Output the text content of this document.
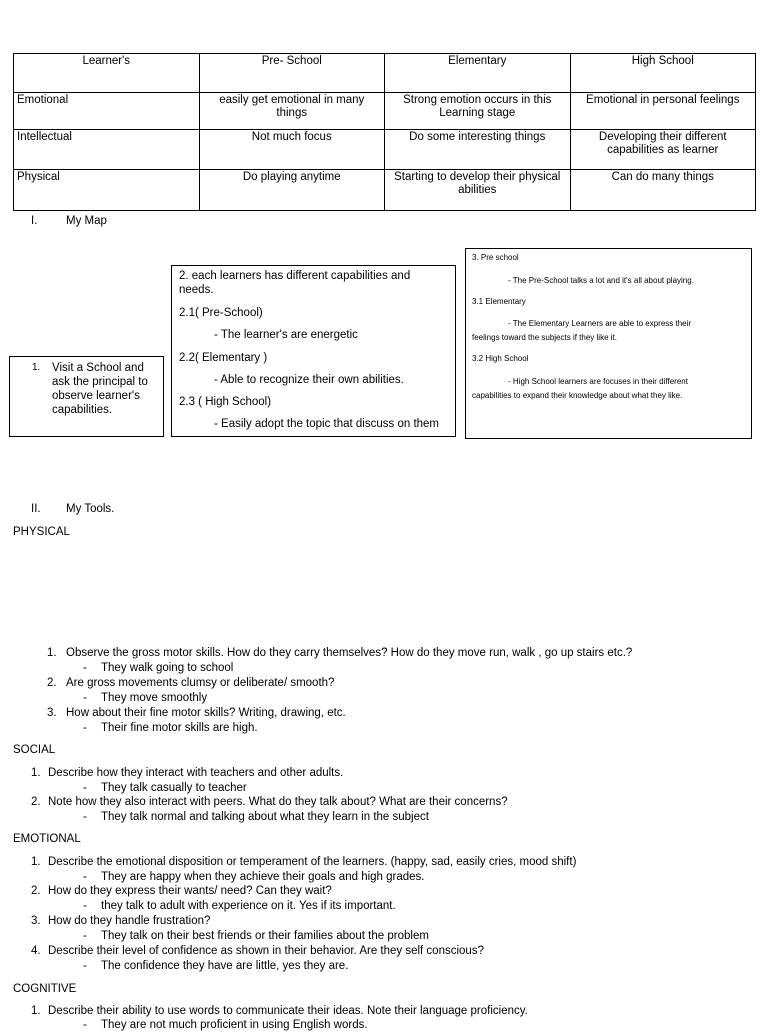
Learner's	Pre- School	Elementary	High School
Emotional	easily get emotional in many things	Strong emotion occurs in this Learning stage	Emotional in personal feelings
Intellectual	Not much focus	Do some interesting things	Developing their different capabilities as learner
Physical	Do playing anytime	Starting to develop their physical abilities	Can do many things
I. My Map
1. Visit a School and ask the principal to observe learner's capabilities.
2. each learners has different capabilities and
needs.
2.1( Pre-School)
- The learner's are energetic
2.2( Elementary )
- Able to recognize their own abilities.
2.3 ( High School)
- Easily adopt the topic that discuss on them
3. Pre school
- The Pre-School talks a lot and it's all about playing.
3.1 Elementary
- The Elementary Learners are able to express their
feelings toward the subjects if they like it.
3.2 High School
- High School learners are focuses in their different
capabilities to expand their knowledge about what they like.
II. My Tools.
PHYSICAL
1. Observe the gross motor skills. How do they carry themselves? How do they move run, walk , go up stairs etc.?
- They walk going to school
2. Are gross movements clumsy or deliberate/ smooth?
- They move smoothly
3. How about their fine motor skills? Writing, drawing, etc.
- Their fine motor skills are high.
SOCIAL
1. Describe how they interact with teachers and other adults.
- They talk casually to teacher
2. Note how they also interact with peers. What do they talk about? What are their concerns?
- They talk normal and talking about what they learn in the subject
EMOTIONAL
1. Describe the emotional disposition or temperament of the learners. (happy, sad, easily cries, mood shift)
- They are happy when they achieve their goals and high grades.
2. How do they express their wants/ need? Can they wait?
- they talk to adult with experience on it. Yes if its important.
3. How do they handle frustration?
- They talk on their best friends or their families about the problem
4. Describe their level of confidence as shown in their behavior. Are they self conscious?
- The confidence they have are little, yes they are.
COGNITIVE
1. Describe their ability to use words to communicate their ideas. Note their language proficiency.
- They are not much proficient in using English words.
